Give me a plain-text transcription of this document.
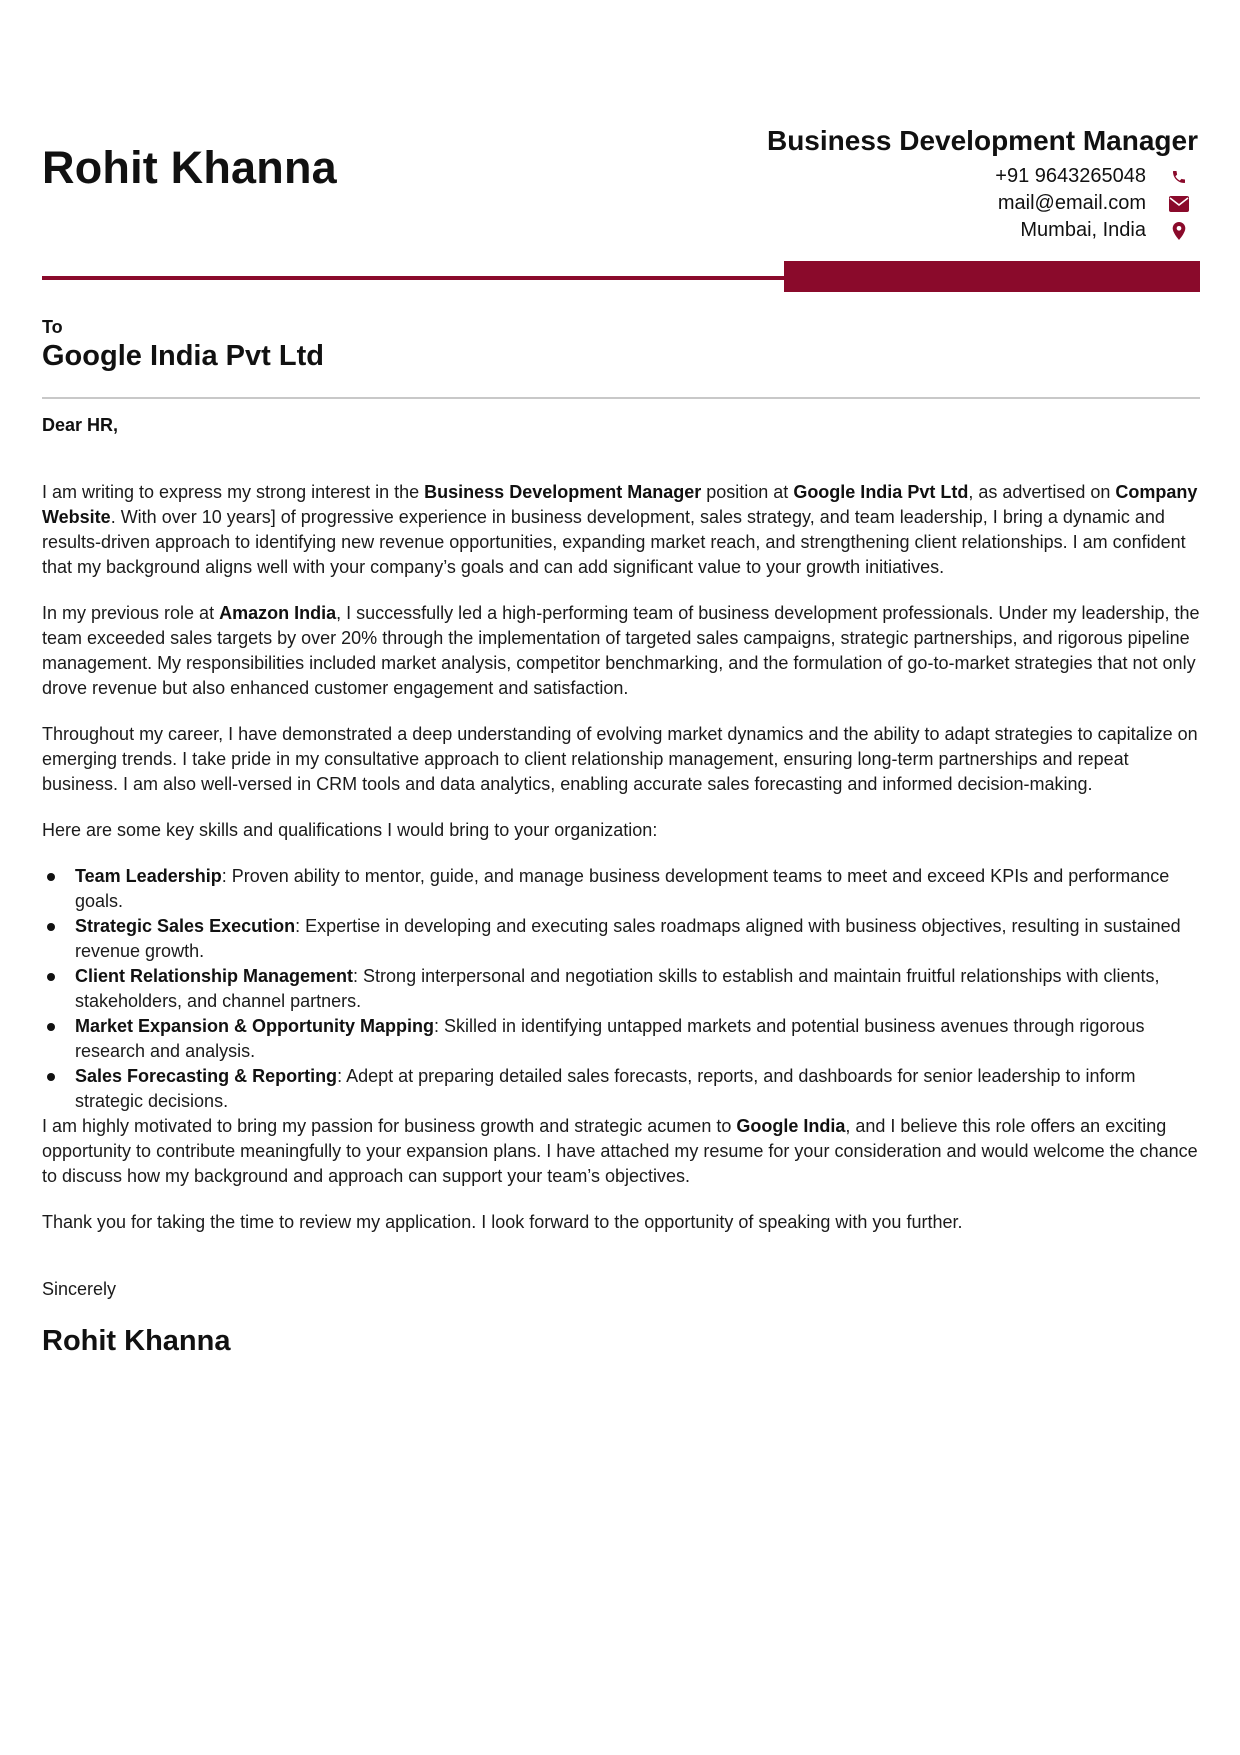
Rohit Khanna
Business Development Manager
+91 9643265048
mail@email.com
Mumbai, India
To
Google India Pvt Ltd
Dear HR,

I am writing to express my strong interest in the Business Development Manager position at Google India Pvt Ltd, as advertised on Company Website. With over 10 years] of progressive experience in business development, sales strategy, and team leadership, I bring a dynamic and results-driven approach to identifying new revenue opportunities, expanding market reach, and strengthening client relationships. I am confident that my background aligns well with your company’s goals and can add significant value to your growth initiatives.

In my previous role at Amazon India, I successfully led a high-performing team of business development professionals. Under my leadership, the team exceeded sales targets by over 20% through the implementation of targeted sales campaigns, strategic partnerships, and rigorous pipeline management. My responsibilities included market analysis, competitor benchmarking, and the formulation of go-to-market strategies that not only drove revenue but also enhanced customer engagement and satisfaction.

Throughout my career, I have demonstrated a deep understanding of evolving market dynamics and the ability to adapt strategies to capitalize on emerging trends. I take pride in my consultative approach to client relationship management, ensuring long-term partnerships and repeat business. I am also well-versed in CRM tools and data analytics, enabling accurate sales forecasting and informed decision-making.

Here are some key skills and qualifications I would bring to your organization:

Team Leadership: Proven ability to mentor, guide, and manage business development teams to meet and exceed KPIs and performance goals.
Strategic Sales Execution: Expertise in developing and executing sales roadmaps aligned with business objectives, resulting in sustained revenue growth.
Client Relationship Management: Strong interpersonal and negotiation skills to establish and maintain fruitful relationships with clients, stakeholders, and channel partners.
Market Expansion & Opportunity Mapping: Skilled in identifying untapped markets and potential business avenues through rigorous research and analysis.
Sales Forecasting & Reporting: Adept at preparing detailed sales forecasts, reports, and dashboards for senior leadership to inform strategic decisions.

I am highly motivated to bring my passion for business growth and strategic acumen to Google India, and I believe this role offers an exciting opportunity to contribute meaningfully to your expansion plans. I have attached my resume for your consideration and would welcome the chance to discuss how my background and approach can support your team’s objectives.

Thank you for taking the time to review my application. I look forward to the opportunity of speaking with you further.

Sincerely

Rohit Khanna
